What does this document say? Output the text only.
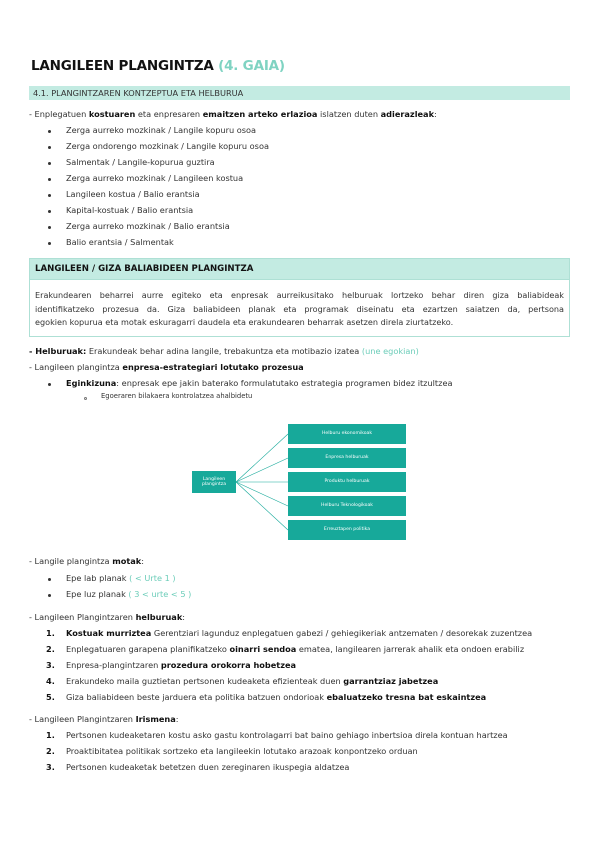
LANGILEEN PLANGINTZA (4. GAIA)
4.1. PLANGINTZAREN KONTZEPTUA ETA HELBURUA
- Enplegatuen kostuaren eta enpresaren emaitzen arteko erlazioa islatzen duten adierazleak:
Zerga aurreko mozkinak / Langile kopuru osoa
Zerga ondorengo mozkinak / Langile kopuru osoa
Salmentak / Langile-kopurua guztira
Zerga aurreko mozkinak / Langileen kostua
Langileen kostua / Balio erantsia
Kapital-kostuak / Balio erantsia
Zerga aurreko mozkinak / Balio erantsia
Balio erantsia / Salmentak
LANGILEEN / GIZA BALIABIDEEN PLANGINTZA
Erakundearen beharrei aurre egiteko eta enpresak aurreikusitako helburuak lortzeko behar diren giza baliabideak
identifikatzeko prozesua da. Giza baliabideen planak eta programak diseinatu eta ezartzen saiatzen da, pertsona
egokien kopurua eta motak eskuragarri daudela eta erakundearen beharrak asetzen direla ziurtatzeko.
- Helburuak: Erakundeak behar adina langile, trebakuntza eta motibazio izatea (une egokian)
- Langileen plangintza enpresa-estrategiari lotutako prozesua
Eginkizuna: enpresak epe jakin baterako formulatutako estrategia programen bidez itzultzea
Egoeraren bilakaera kontrolatzea ahalbidetu
Langileen plangintza
Helburu ekonomikoak
Enpresa helburuak
Produktu helburuak
Helburu Teknologikoak
Erreuztapen politika
- Langile plangintza motak:
Epe lab planak ( < Urte 1 )
Epe luz planak ( 3 < urte < 5 )
- Langileen Plangintzaren helburuak:
1. Kostuak murriztea Gerentziari lagunduz enplegatuen gabezi / gehiegikeriak antzematen / desorekak zuzentzea
2. Enplegatuaren garapena planifikatzeko oinarri sendoa ematea, langilearen jarrerak ahalik eta ondoen erabiliz
3. Enpresa-plangintzaren prozedura orokorra hobetzea
4. Erakundeko maila guztietan pertsonen kudeaketa efizienteak duen garrantziaz jabetzea
5. Giza baliabideen beste jarduera eta politika batzuen ondorioak ebaluatzeko tresna bat eskaintzea
- Langileen Plangintzaren Irismena:
1. Pertsonen kudeaketaren kostu asko gastu kontrolagarri bat baino gehiago inbertsioa direla kontuan hartzea
2. Proaktibitatea politikak sortzeko eta langileekin lotutako arazoak konpontzeko orduan
3. Pertsonen kudeaketak betetzen duen zereginaren ikuspegia aldatzea
